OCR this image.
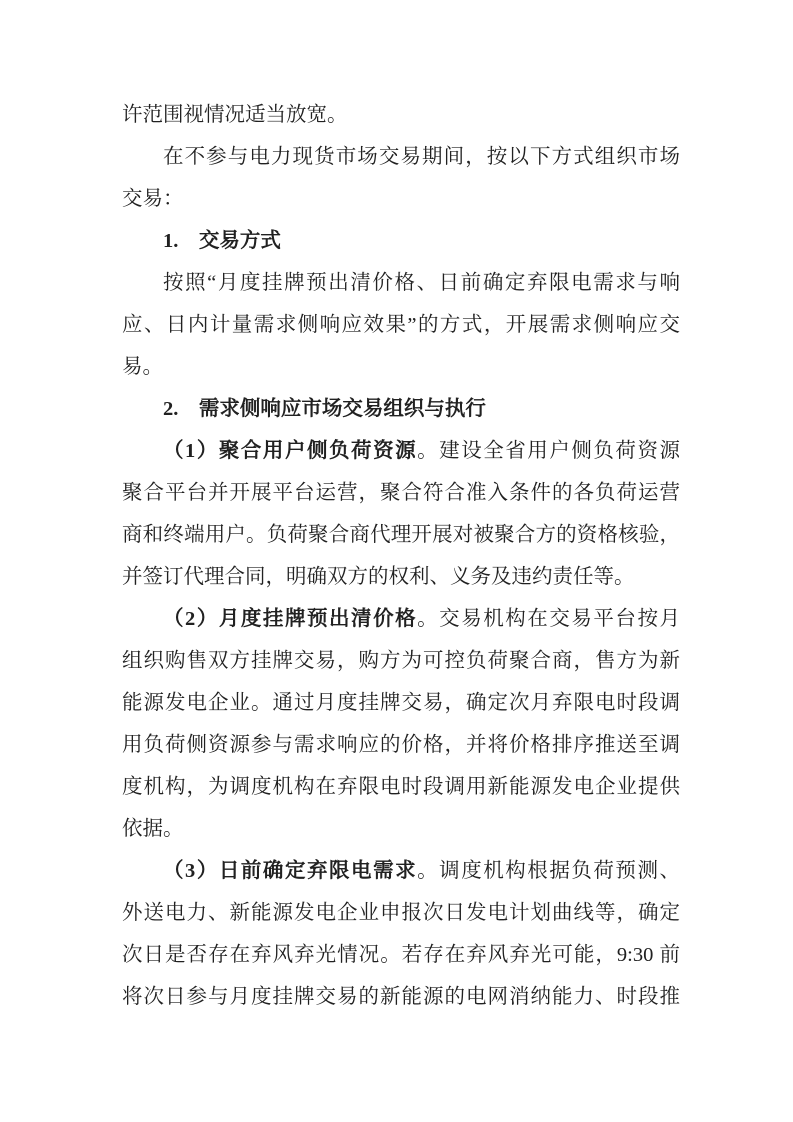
许范围视情况适当放宽。
在不参与电力现货市场交易期间，按以下方式组织市场
交易：
1.　交易方式
按照“月度挂牌预出清价格、日前确定弃限电需求与响
应、日内计量需求侧响应效果”的方式，开展需求侧响应交
易。
2.　需求侧响应市场交易组织与执行
（1）聚合用户侧负荷资源。建设全省用户侧负荷资源
聚合平台并开展平台运营，聚合符合准入条件的各负荷运营
商和终端用户。负荷聚合商代理开展对被聚合方的资格核验，
并签订代理合同，明确双方的权利、义务及违约责任等。
（2）月度挂牌预出清价格。交易机构在交易平台按月
组织购售双方挂牌交易，购方为可控负荷聚合商，售方为新
能源发电企业。通过月度挂牌交易，确定次月弃限电时段调
用负荷侧资源参与需求响应的价格，并将价格排序推送至调
度机构，为调度机构在弃限电时段调用新能源发电企业提供
依据。
（3）日前确定弃限电需求。调度机构根据负荷预测、
外送电力、新能源发电企业申报次日发电计划曲线等，确定
次日是否存在弃风弃光情况。若存在弃风弃光可能，9:30 前
将次日参与月度挂牌交易的新能源的电网消纳能力、时段推
